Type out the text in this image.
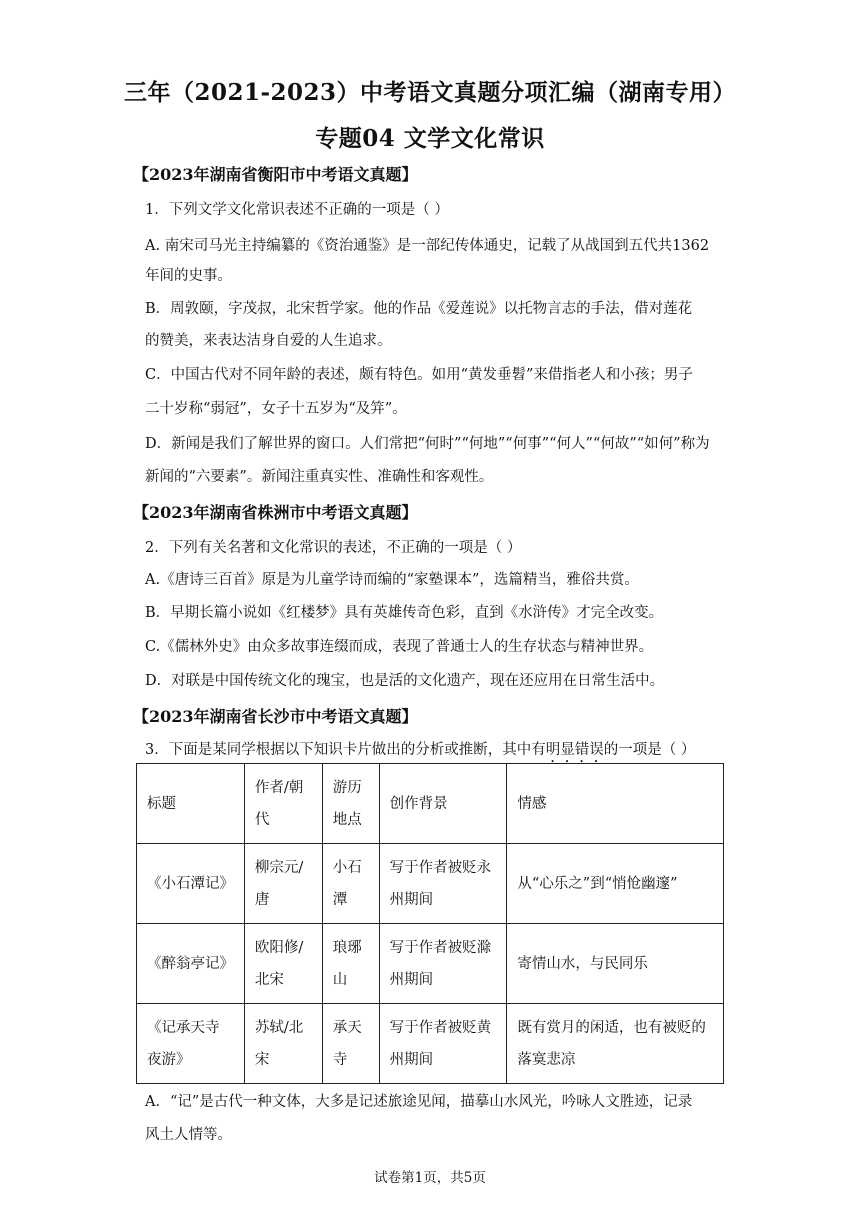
三年（2021-2023）中考语文真题分项汇编（湖南专用）
专题04 文学文化常识
【2023年湖南省衡阳市中考语文真题】
1．下列文学文化常识表述不正确的一项是（ ）
A. 南宋司马光主持编纂的《资治通鉴》是一部纪传体通史，记载了从战国到五代共1362
年间的史事。
B．周敦颐，字茂叔，北宋哲学家。他的作品《爱莲说》以托物言志的手法，借对莲花
的赞美，来表达洁身自爱的人生追求。
C．中国古代对不同年龄的表述，颇有特色。如用“黄发垂髫”来借指老人和小孩；男子
二十岁称“弱冠”，女子十五岁为“及笄”。
D．新闻是我们了解世界的窗口。人们常把“何时”“何地”“何事”“何人”“何故”“如何”称为
新闻的“六要素”。新闻注重真实性、准确性和客观性。
【2023年湖南省株洲市中考语文真题】
2．下列有关名著和文化常识的表述，不正确的一项是（ ）
A.《唐诗三百首》原是为儿童学诗而编的“家塾课本”，选篇精当，雅俗共赏。
B．早期长篇小说如《红楼梦》具有英雄传奇色彩，直到《水浒传》才完全改变。
C.《儒林外史》由众多故事连缀而成，表现了普通士人的生存状态与精神世界。
D．对联是中国传统文化的瑰宝，也是活的文化遗产，现在还应用在日常生活中。
【2023年湖南省长沙市中考语文真题】
3．下面是某同学根据以下知识卡片做出的分析或推断，其中有明显错误的一项是（ ）
标题	作者/朝代	游历地点	创作背景	情感
《小石潭记》	柳宗元/唐	小石潭	写于作者被贬永州期间	从“心乐之”到“悄怆幽邃”
《醉翁亭记》	欧阳修/北宋	琅琊山	写于作者被贬滁州期间	寄情山水，与民同乐
《记承天寺夜游》	苏轼/北宋	承天寺	写于作者被贬黄州期间	既有赏月的闲适，也有被贬的落寞悲凉
A．“记”是古代一种文体，大多是记述旅途见闻，描摹山水风光，吟咏人文胜迹，记录
风土人情等。
试卷第1页，共5页
